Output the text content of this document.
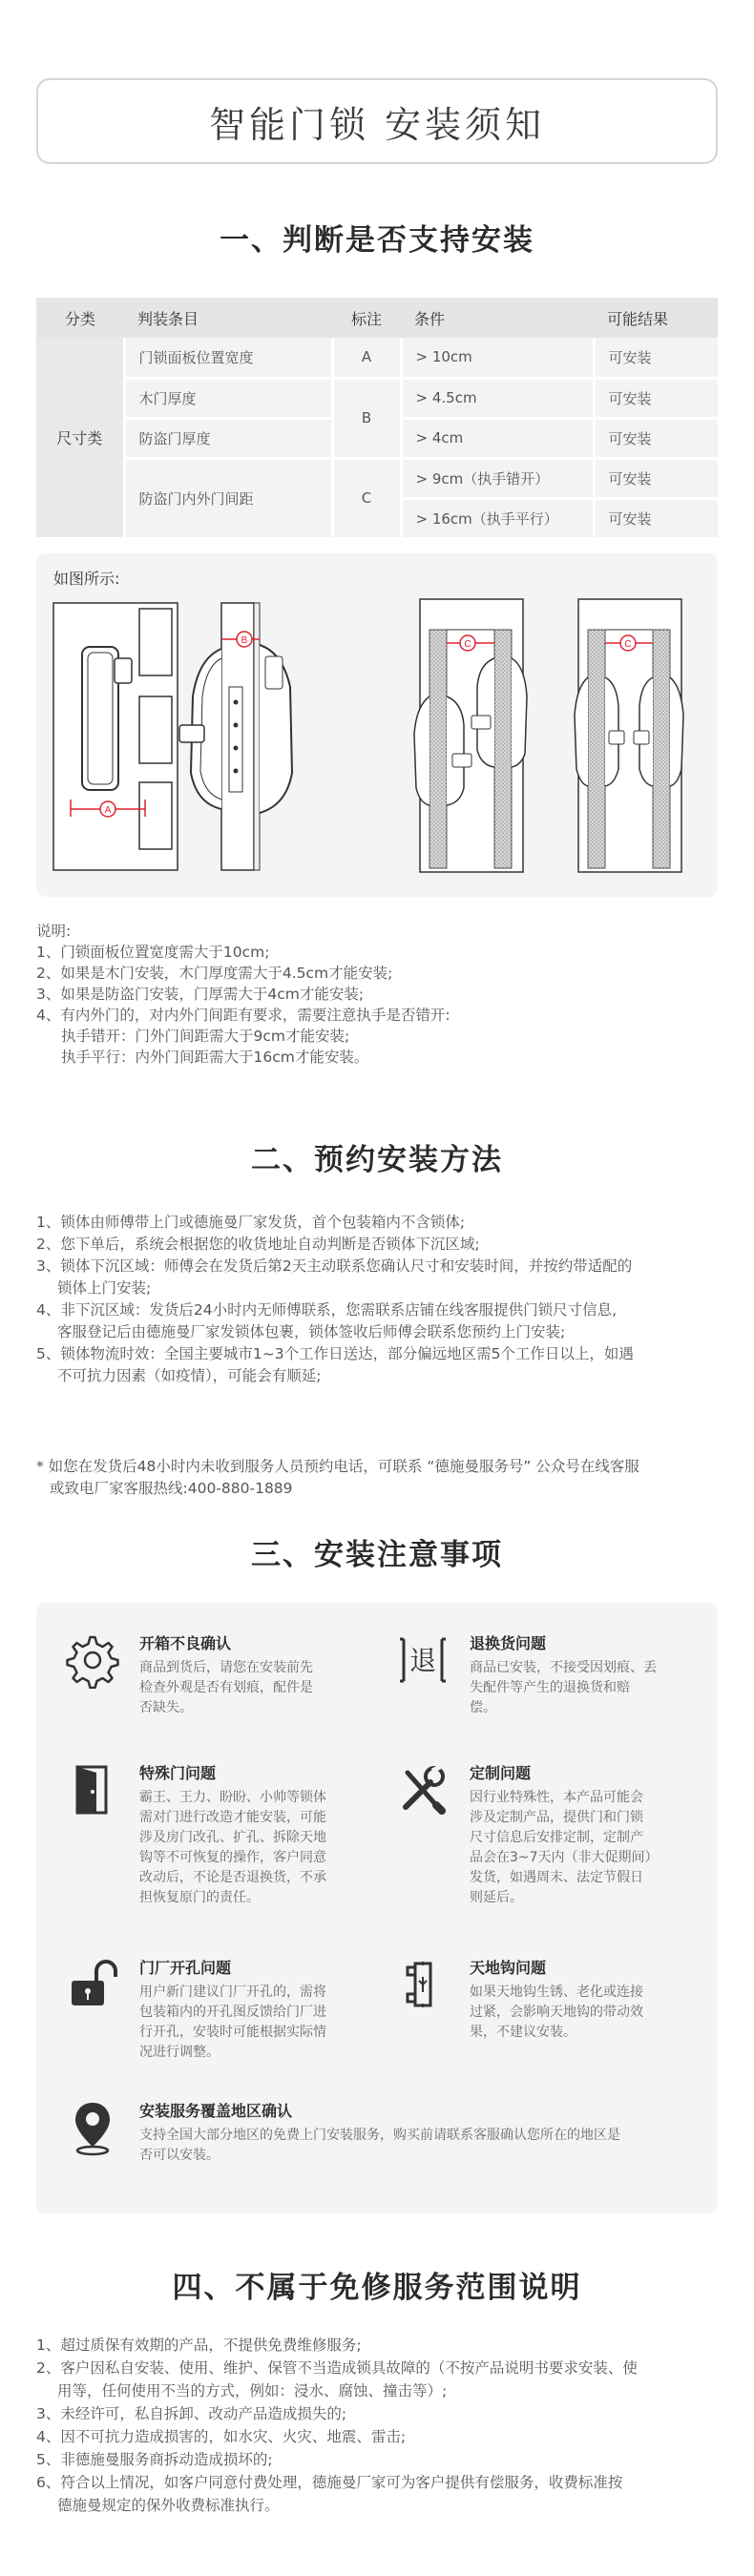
智能门锁 安装须知
一、判断是否支持安装
分类	判装条目	标注	条件	可能结果
尺寸类	门锁面板位置宽度	A	> 10cm	可安装
	木门厚度	B	> 4.5cm	可安装
	防盗门厚度		> 4cm	可安装
	防盗门内外门间距	C	> 9cm（执手错开）	可安装
			> 16cm（执手平行）	可安装
如图所示:
A
B	C	C
说明:
1、门锁面板位置宽度需大于10cm;
2、如果是木门安装，木门厚度需大于4.5cm才能安装;
3、如果是防盗门安装，门厚需大于4cm才能安装;
4、有内外门的，对内外门间距有要求，需要注意执手是否错开:
执手错开：门外门间距需大于9cm才能安装;
执手平行：内外门间距需大于16cm才能安装。
二、预约安装方法
1、锁体由师傅带上门或德施曼厂家发货，首个包装箱内不含锁体;
2、您下单后，系统会根据您的收货地址自动判断是否锁体下沉区域;
3、锁体下沉区域：师傅会在发货后第2天主动联系您确认尺寸和安装时间，并按约带适配的
锁体上门安装;
4、非下沉区域：发货后24小时内无师傅联系，您需联系店铺在线客服提供门锁尺寸信息,
客服登记后由德施曼厂家发锁体包裹，锁体签收后师傅会联系您预约上门安装;
5、锁体物流时效：全国主要城市1~3个工作日送达，部分偏远地区需5个工作日以上，如遇
不可抗力因素（如疫情），可能会有顺延;
* 如您在发货后48小时内未收到服务人员预约电话，可联系 “德施曼服务号” 公众号在线客服
或致电厂家客服热线:400-880-1889
三、安装注意事项
开箱不良确认
商品到货后，请您在安装前先
检查外观是否有划痕，配件是
否缺失。
退
退换货问题
商品已安装，不接受因划痕、丢
失配件等产生的退换货和赔
偿。
特殊门问题
霸王、王力、盼盼、小帅等锁体
需对门进行改造才能安装，可能
涉及房门改孔、扩孔、拆除天地
钩等不可恢复的操作，客户同意
改动后，不论是否退换货，不承
担恢复原门的责任。
定制问题
因行业特殊性，本产品可能会
涉及定制产品，提供门和门锁
尺寸信息后安排定制，定制产
品会在3~7天内（非大促期间）
发货，如遇周末、法定节假日
则延后。
门厂开孔问题
用户新门建议门厂开孔的，需将
包装箱内的开孔图反馈给门厂进
行开孔，安装时可能根据实际情
况进行调整。
天地钩问题
如果天地钩生锈、老化或连接
过紧，会影响天地钩的带动效
果，不建议安装。
安装服务覆盖地区确认
支持全国大部分地区的免费上门安装服务，购买前请联系客服确认您所在的地区是
否可以安装。
四、不属于免修服务范围说明
1、超过质保有效期的产品，不提供免费维修服务;
2、客户因私自安装、使用、维护、保管不当造成锁具故障的（不按产品说明书要求安装、使
用等，任何使用不当的方式，例如：浸水、腐蚀、撞击等）;
3、未经许可，私自拆卸、改动产品造成损失的;
4、因不可抗力造成损害的，如水灾、火灾、地震、雷击;
5、非德施曼服务商拆动造成损坏的;
6、符合以上情况，如客户同意付费处理，德施曼厂家可为客户提供有偿服务，收费标准按
德施曼规定的保外收费标准执行。
